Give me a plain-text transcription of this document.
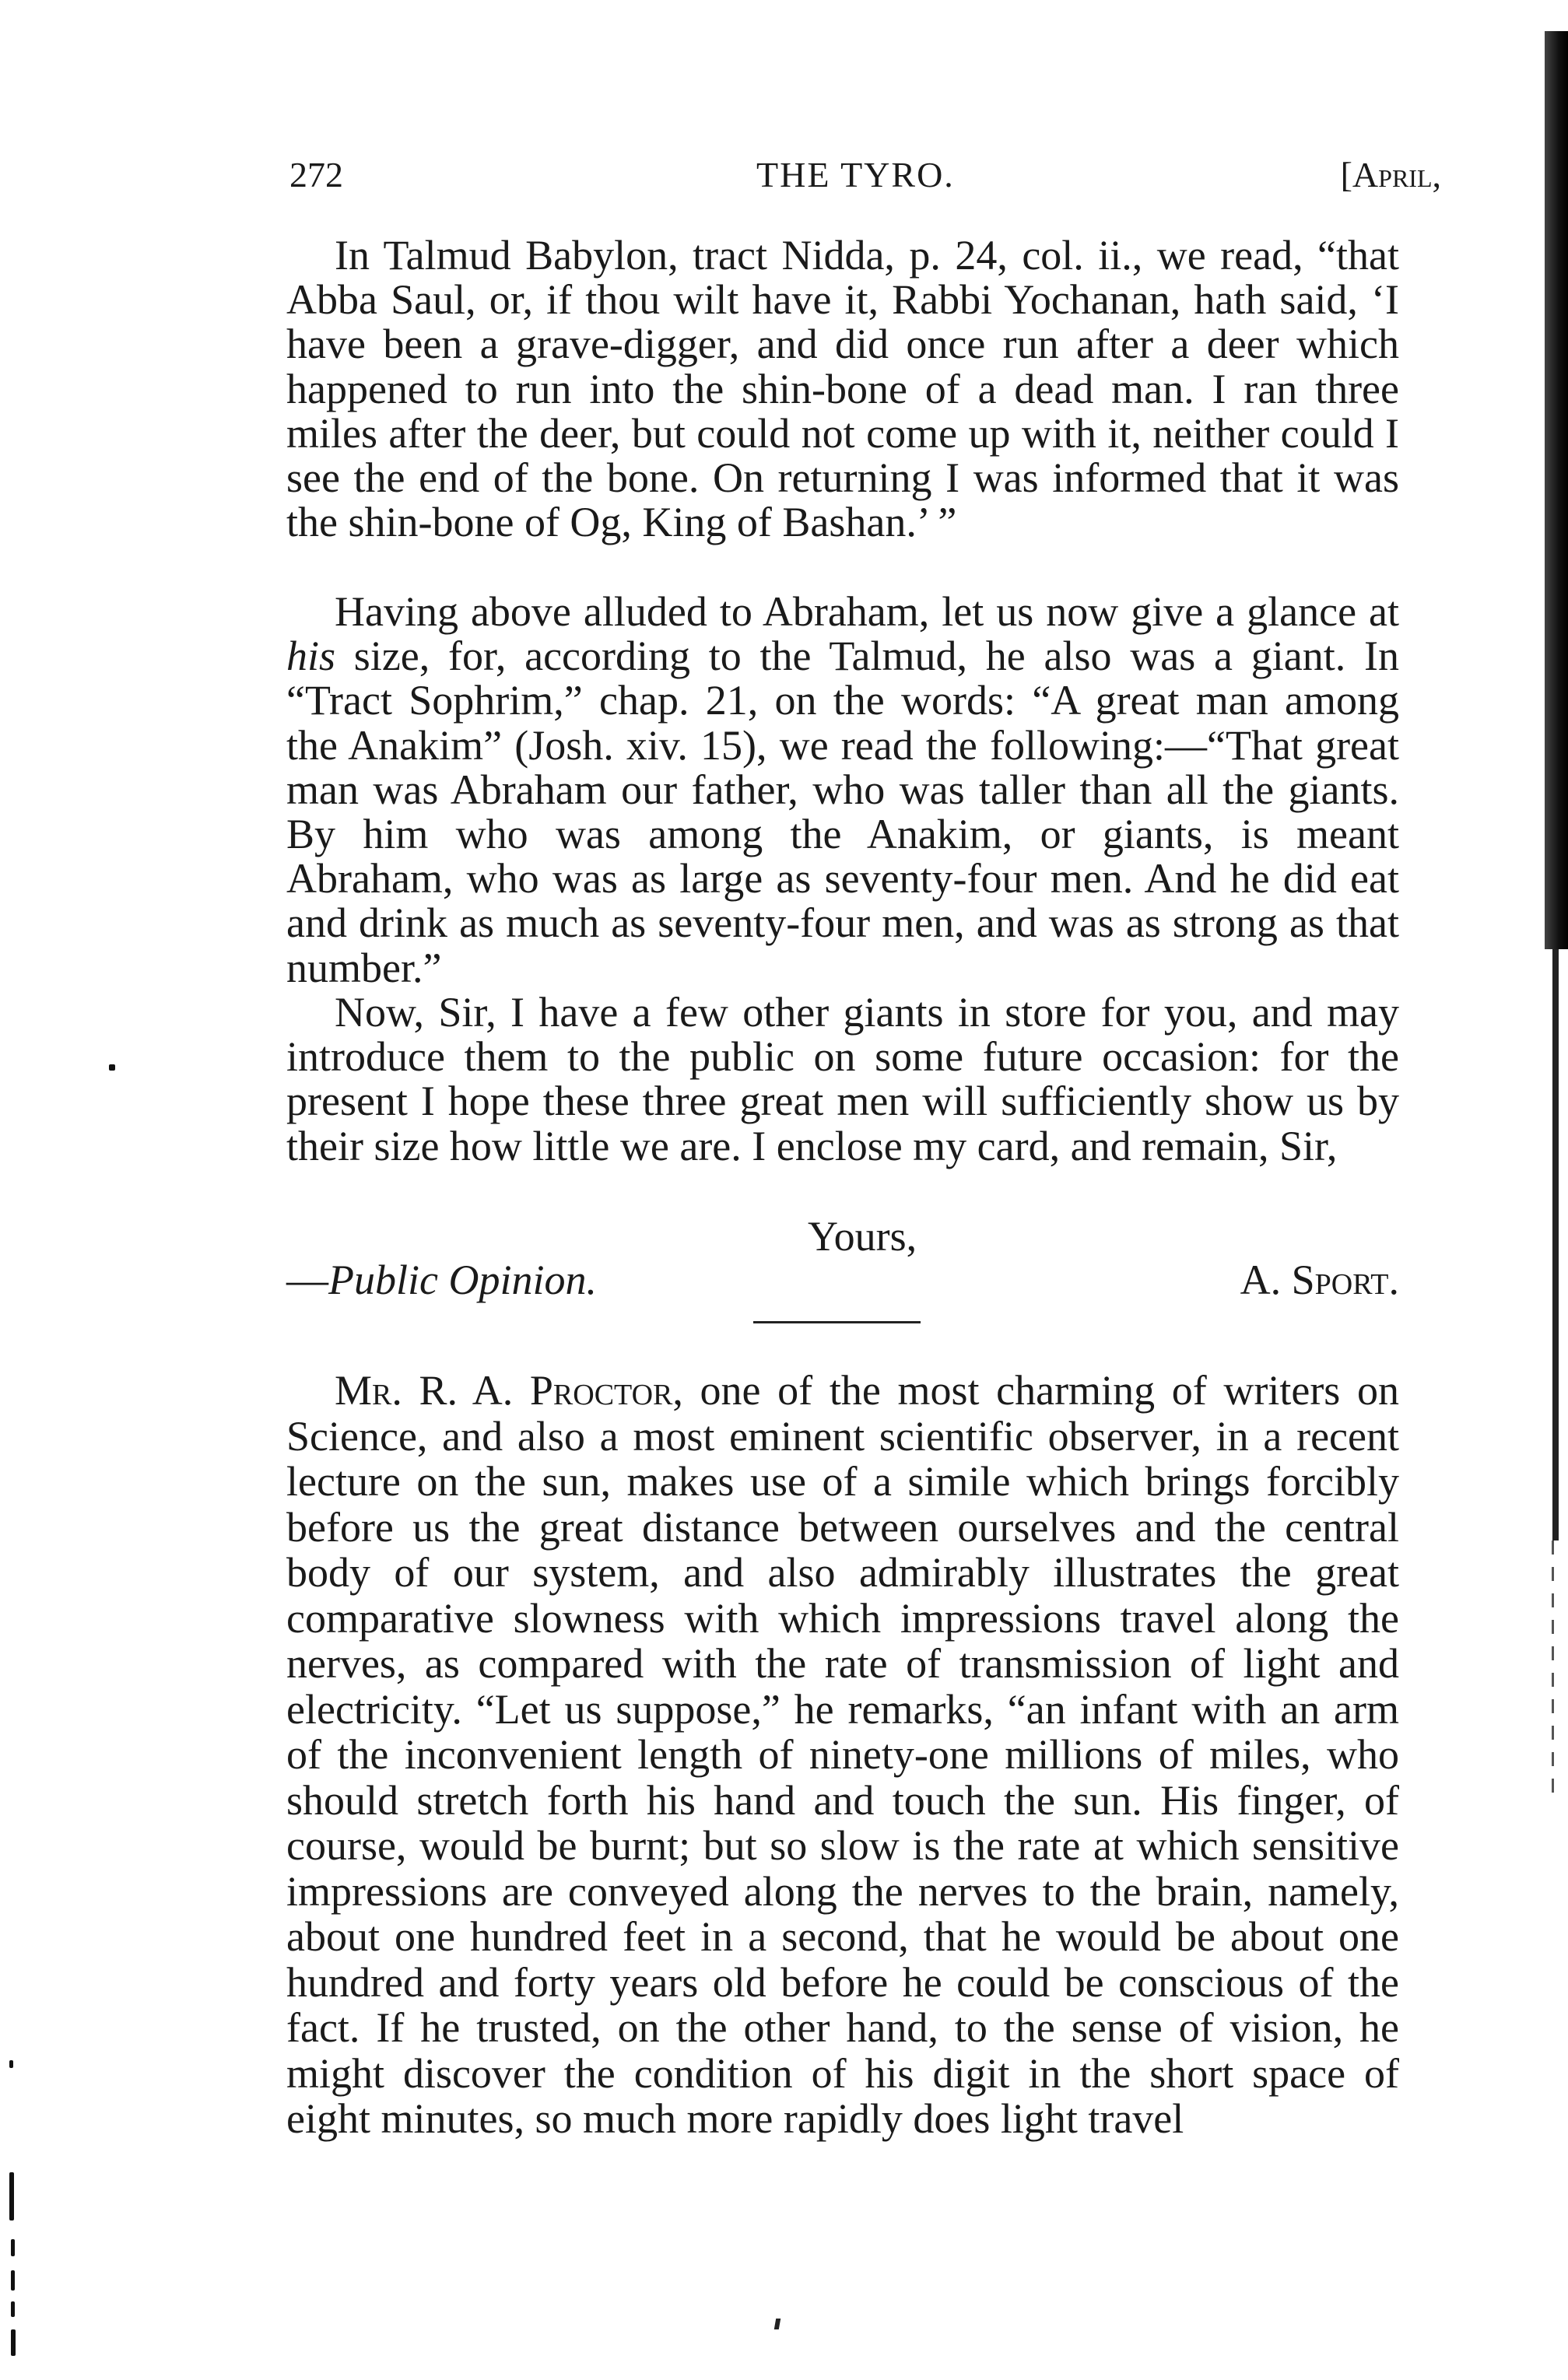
272	THE TYRO.	[April,

In Talmud Babylon, tract Nidda, p. 24, col. ii., we read, “that Abba Saul, or, if thou wilt have it, Rabbi Yochanan, hath said, ‘I have been a grave-digger, and did once run after a deer which happened to run into the shin-bone of a dead man. I ran three miles after the deer, but could not come up with it, neither could I see the end of the bone. On returning I was informed that it was the shin-bone of Og, King of Bashan.’ ”

Having above alluded to Abraham, let us now give a glance at his size, for, according to the Talmud, he also was a giant. In “Tract Sophrim,” chap. 21, on the words: “A great man among the Anakim” (Josh. xiv. 15), we read the following:—“That great man was Abraham our father, who was taller than all the giants. By him who was among the Anakim, or giants, is meant Abraham, who was as large as seventy-four men. And he did eat and drink as much as seventy-four men, and was as strong as that number.”

Now, Sir, I have a few other giants in store for you, and may introduce them to the public on some future occasion: for the present I hope these three great men will sufficiently show us by their size how little we are. I enclose my card, and remain, Sir,

Yours,
—Public Opinion.	A. Sport.

Mr. R. A. Proctor, one of the most charming of writers on Science, and also a most eminent scientific observer, in a recent lecture on the sun, makes use of a simile which brings forcibly before us the great distance between ourselves and the central body of our system, and also admirably illustrates the great comparative slowness with which impressions travel along the nerves, as compared with the rate of transmission of light and electricity. “Let us suppose,” he remarks, “an infant with an arm of the inconvenient length of ninety-one millions of miles, who should stretch forth his hand and touch the sun. His finger, of course, would be burnt; but so slow is the rate at which sensitive impressions are conveyed along the nerves to the brain, namely, about one hundred feet in a second, that he would be about one hundred and forty years old before he could be conscious of the fact. If he trusted, on the other hand, to the sense of vision, he might discover the condition of his digit in the short space of eight minutes, so much more rapidly does light travel
